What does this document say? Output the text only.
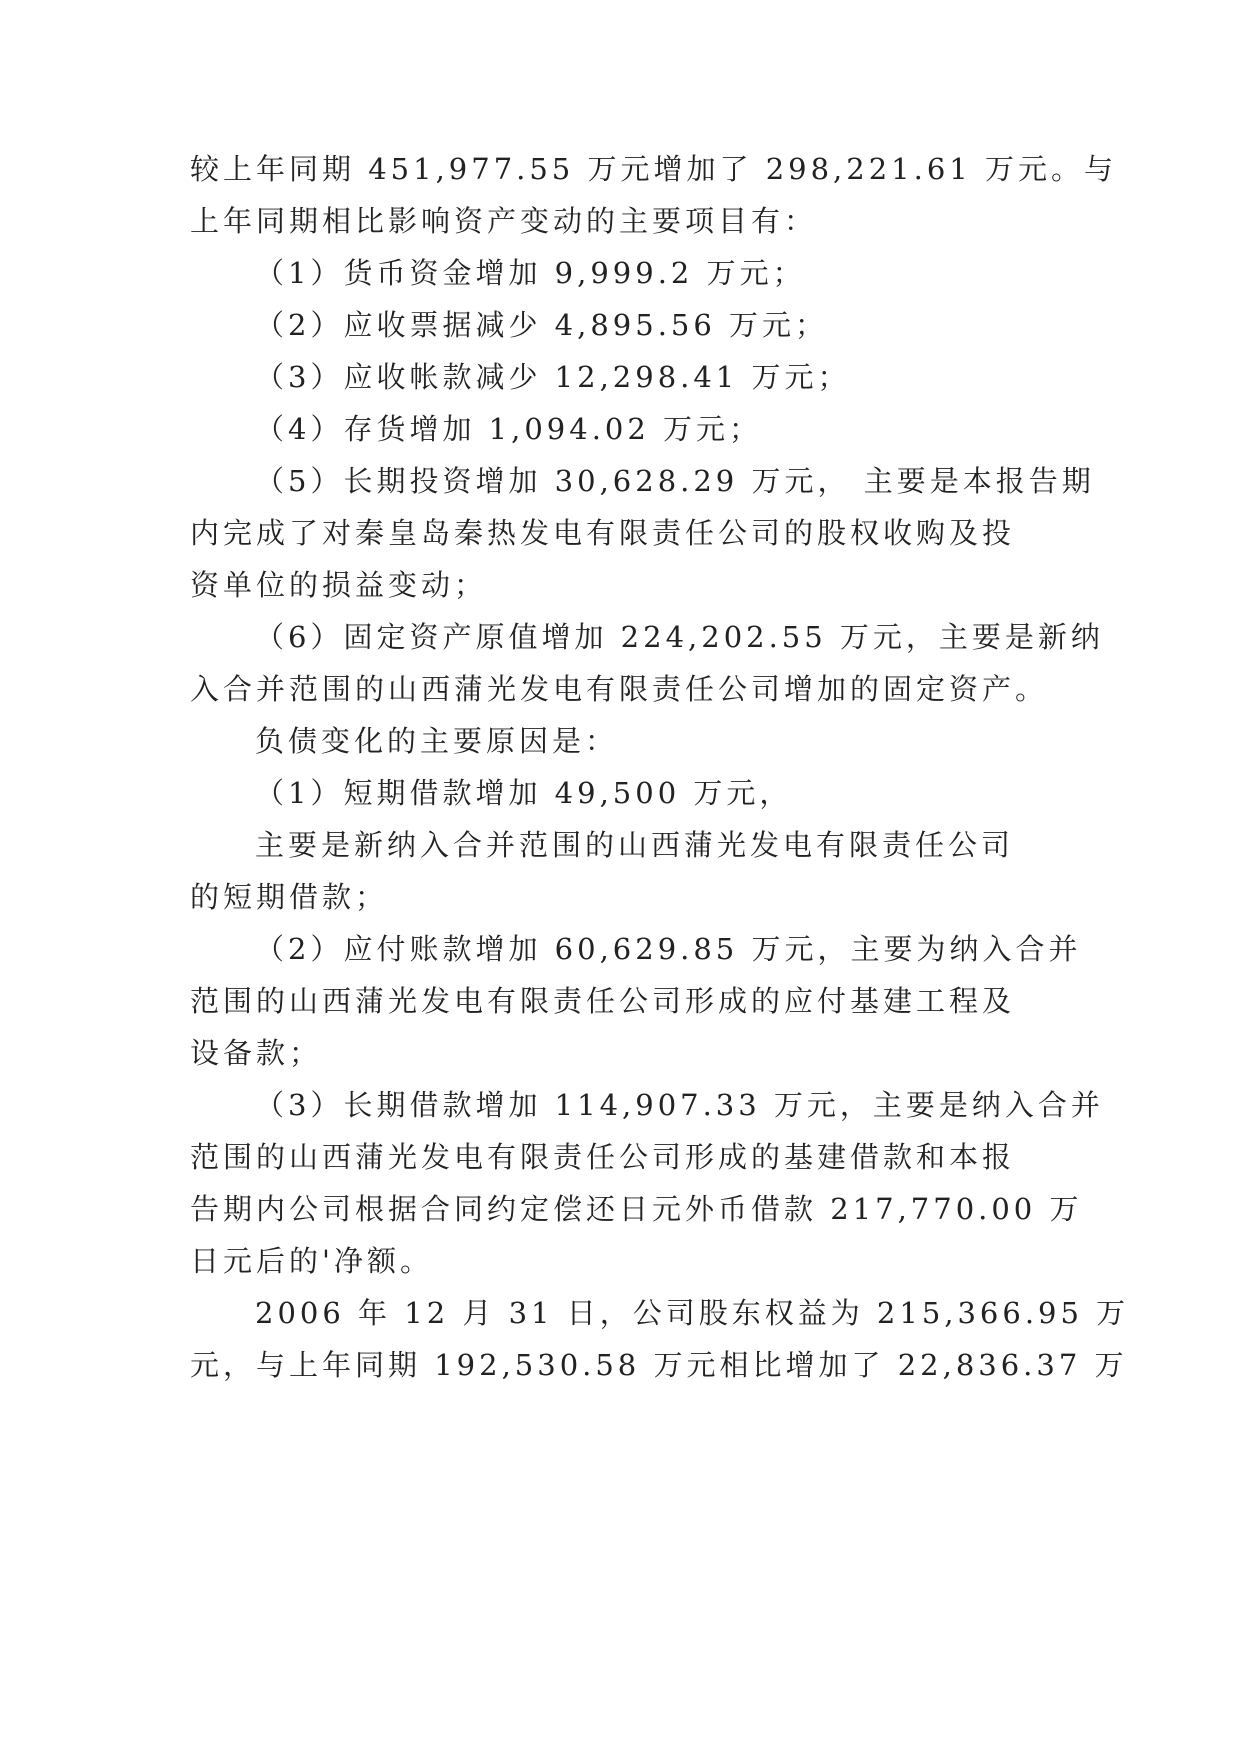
较上年同期 451,977.55 万元增加了 298,221.61 万元。与
上年同期相比影响资产变动的主要项目有：
（1）货币资金增加 9,999.2 万元；
（2）应收票据减少 4,895.56 万元；
（3）应收帐款减少 12,298.41 万元；
（4）存货增加 1,094.02 万元；
（5）长期投资增加 30,628.29 万元， 主要是本报告期
内完成了对秦皇岛秦热发电有限责任公司的股权收购及投
资单位的损益变动；
（6）固定资产原值增加 224,202.55 万元，主要是新纳
入合并范围的山西蒲光发电有限责任公司增加的固定资产。
负债变化的主要原因是：
（1）短期借款增加 49,500 万元，
主要是新纳入合并范围的山西蒲光发电有限责任公司
的短期借款；
（2）应付账款增加 60,629.85 万元，主要为纳入合并
范围的山西蒲光发电有限责任公司形成的应付基建工程及
设备款；
（3）长期借款增加 114,907.33 万元，主要是纳入合并
范围的山西蒲光发电有限责任公司形成的基建借款和本报
告期内公司根据合同约定偿还日元外币借款 217,770.00 万
日元后的'净额。
2006 年 12 月 31 日，公司股东权益为 215,366.95 万
元，与上年同期 192,530.58 万元相比增加了 22,836.37 万
